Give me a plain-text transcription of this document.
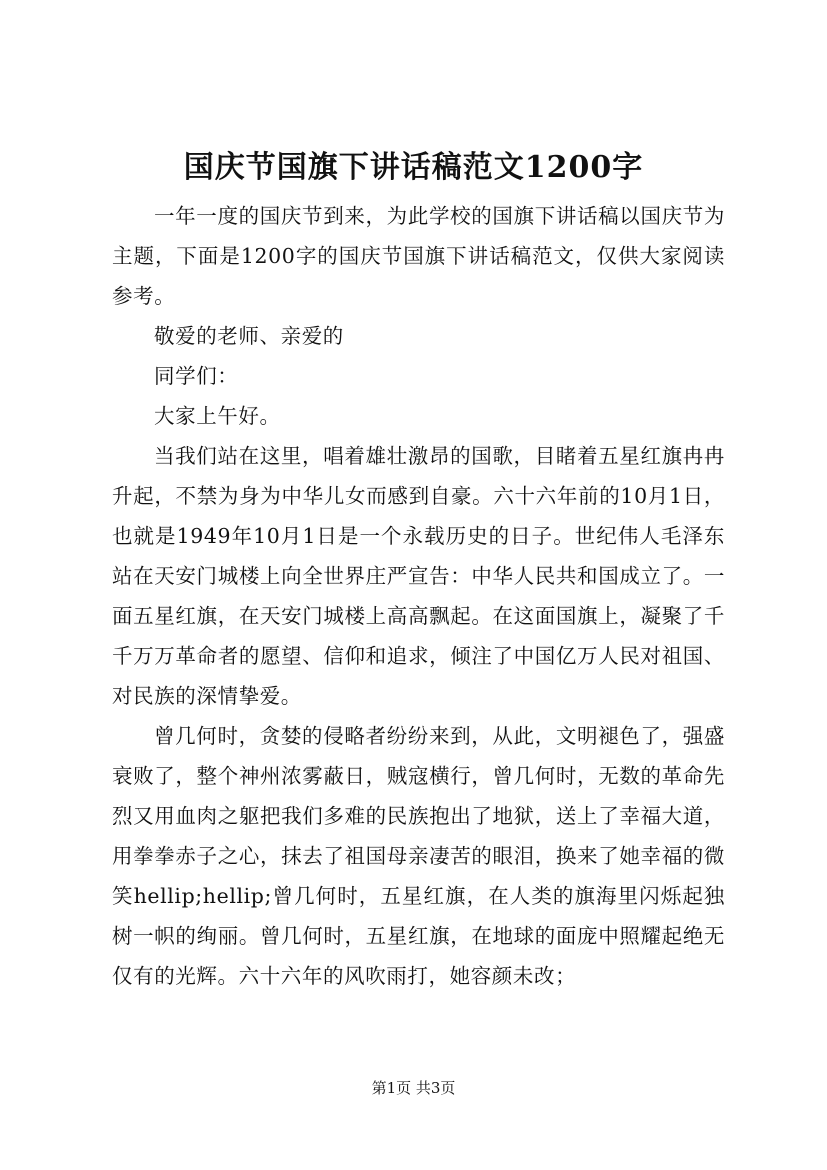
国庆节国旗下讲话稿范文1200字

一年一度的国庆节到来，为此学校的国旗下讲话稿以国庆节为主题，下面是1200字的国庆节国旗下讲话稿范文，仅供大家阅读参考。

敬爱的老师、亲爱的

同学们：

大家上午好。

当我们站在这里，唱着雄壮激昂的国歌，目睹着五星红旗冉冉升起，不禁为身为中华儿女而感到自豪。六十六年前的10月1日，也就是1949年10月1日是一个永载历史的日子。世纪伟人毛泽东站在天安门城楼上向全世界庄严宣告：中华人民共和国成立了。一面五星红旗，在天安门城楼上高高飘起。在这面国旗上，凝聚了千千万万革命者的愿望、信仰和追求，倾注了中国亿万人民对祖国、对民族的深情挚爱。

曾几何时，贪婪的侵略者纷纷来到，从此，文明褪色了，强盛衰败了，整个神州浓雾蔽日，贼寇横行，曾几何时，无数的革命先烈又用血肉之躯把我们多难的民族抱出了地狱，送上了幸福大道，用拳拳赤子之心，抹去了祖国母亲凄苦的眼泪，换来了她幸福的微笑hellip;hellip;曾几何时，五星红旗，在人类的旗海里闪烁起独树一帜的绚丽。曾几何时，五星红旗，在地球的面庞中照耀起绝无仅有的光辉。六十六年的风吹雨打，她容颜未改；

第1页 共3页
